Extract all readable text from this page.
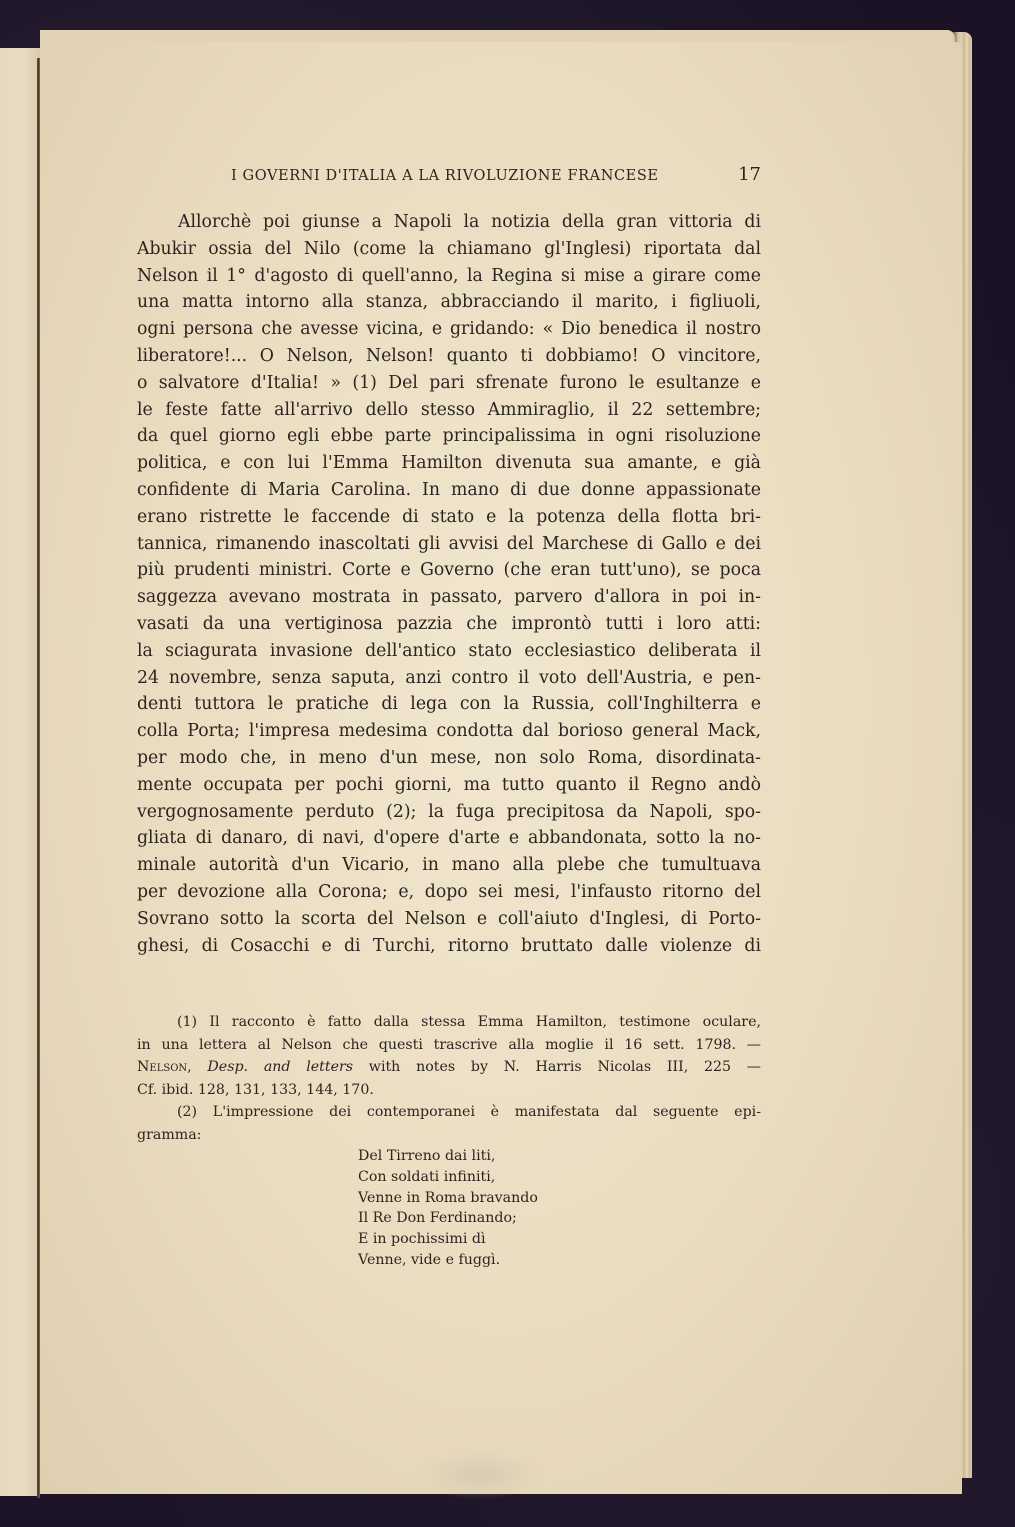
I GOVERNI D'ITALIA A LA RIVOLUZIONE FRANCESE	17
Allorchè poi giunse a Napoli la notizia della gran vittoria di
Abukir ossia del Nilo (come la chiamano gl'Inglesi) riportata dal
Nelson il 1° d'agosto di quell'anno, la Regina si mise a girare come
una matta intorno alla stanza, abbracciando il marito, i figliuoli,
ogni persona che avesse vicina, e gridando: « Dio benedica il nostro
liberatore!... O Nelson, Nelson! quanto ti dobbiamo! O vincitore,
o salvatore d'Italia! » (1) Del pari sfrenate furono le esultanze e
le feste fatte all'arrivo dello stesso Ammiraglio, il 22 settembre;
da quel giorno egli ebbe parte principalissima in ogni risoluzione
politica, e con lui l'Emma Hamilton divenuta sua amante, e già
confidente di Maria Carolina. In mano di due donne appassionate
erano ristrette le faccende di stato e la potenza della flotta bri-
tannica, rimanendo inascoltati gli avvisi del Marchese di Gallo e dei
più prudenti ministri. Corte e Governo (che eran tutt'uno), se poca
saggezza avevano mostrata in passato, parvero d'allora in poi in-
vasati da una vertiginosa pazzia che improntò tutti i loro atti:
la sciagurata invasione dell'antico stato ecclesiastico deliberata il
24 novembre, senza saputa, anzi contro il voto dell'Austria, e pen-
denti tuttora le pratiche di lega con la Russia, coll'Inghilterra e
colla Porta; l'impresa medesima condotta dal borioso general Mack,
per modo che, in meno d'un mese, non solo Roma, disordinata-
mente occupata per pochi giorni, ma tutto quanto il Regno andò
vergognosamente perduto (2); la fuga precipitosa da Napoli, spo-
gliata di danaro, di navi, d'opere d'arte e abbandonata, sotto la no-
minale autorità d'un Vicario, in mano alla plebe che tumultuava
per devozione alla Corona; e, dopo sei mesi, l'infausto ritorno del
Sovrano sotto la scorta del Nelson e coll'aiuto d'Inglesi, di Porto-
ghesi, di Cosacchi e di Turchi, ritorno bruttato dalle violenze di
(1) Il racconto è fatto dalla stessa Emma Hamilton, testimone oculare,
in una lettera al Nelson che questi trascrive alla moglie il 16 sett. 1798. —
Nelson, Desp. and letters with notes by N. Harris Nicolas III, 225 —
Cf. ibid. 128, 131, 133, 144, 170.
(2) L'impressione dei contemporanei è manifestata dal seguente epi-
gramma:
Del Tirreno dai liti,
Con soldati infiniti,
Venne in Roma bravando
Il Re Don Ferdinando;
E in pochissimi dì
Venne, vide e fuggì.
